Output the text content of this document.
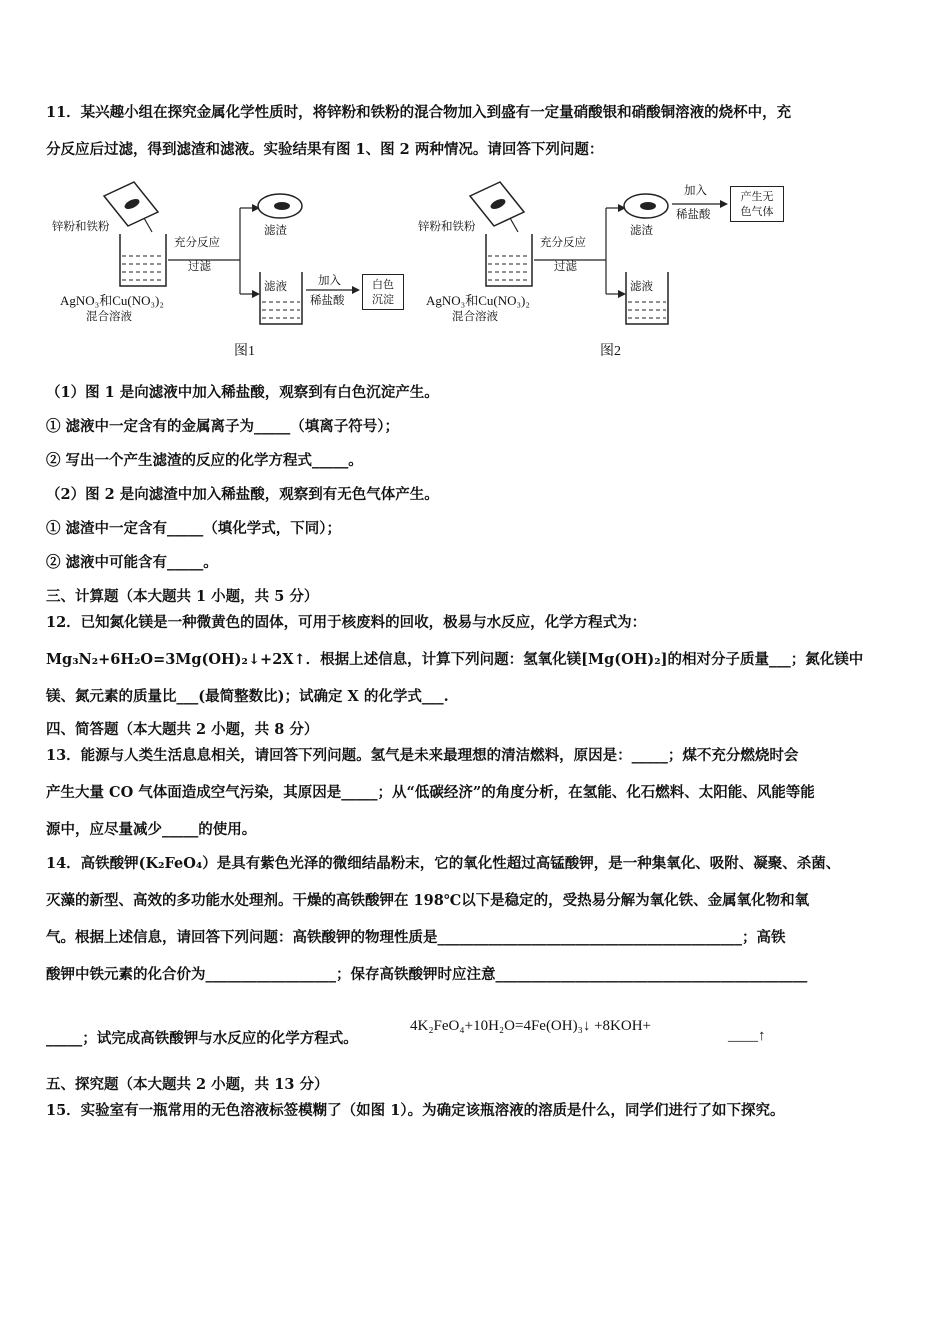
11．某兴趣小组在探究金属化学性质时，将锌粉和铁粉的混合物加入到盛有一定量硝酸银和硝酸铜溶液的烧杯中，充
分反应后过滤，得到滤渣和滤液。实验结果有图 1、图 2 两种情况。请回答下列问题：
锌粉和铁粉
充分反应
过滤
滤渣
滤液	加入
稀盐酸
白色
沉淀
AgNO₃和Cu(NO₃)₂
混合溶液
图1
锌粉和铁粉
充分反应
过滤
滤渣
滤液
加入
稀盐酸
产生无
色气体
AgNO₃和Cu(NO₃)₂
混合溶液
图2
（1）图 1 是向滤液中加入稀盐酸，观察到有白色沉淀产生。
① 滤液中一定含有的金属离子为_____（填离子符号）；
② 写出一个产生滤渣的反应的化学方程式_____。
（2）图 2 是向滤渣中加入稀盐酸，观察到有无色气体产生。
① 滤渣中一定含有_____（填化学式，下同）；
② 滤液中可能含有_____。
三、计算题（本大题共 1 小题，共 5 分）
12．已知氮化镁是一种微黄色的固体，可用于核废料的回收，极易与水反应，化学方程式为：
Mg₃N₂+6H₂O=3Mg(OH)₂↓+2X↑．根据上述信息，计算下列问题：氢氧化镁[Mg(OH)₂]的相对分子质量___；氮化镁中
镁、氮元素的质量比___(最简整数比)；试确定 X 的化学式___.
四、简答题（本大题共 2 小题，共 8 分）
13．能源与人类生活息息相关，请回答下列问题。氢气是未来最理想的清洁燃料，原因是：_____；煤不充分燃烧时会
产生大量 CO 气体面造成空气污染，其原因是_____；从“低碳经济”的角度分析，在氢能、化石燃料、太阳能、风能等能
源中，应尽量减少_____的使用。
14．高铁酸钾(K₂FeO₄）是具有紫色光泽的微细结晶粉末，它的氧化性超过高锰酸钾，是一种集氧化、吸附、凝聚、杀菌、
灭藻的新型、高效的多功能水处理剂。干燥的高铁酸钾在 198℃以下是稳定的，受热易分解为氧化铁、金属氧化物和氧
气。根据上述信息，请回答下列问题：高铁酸钾的物理性质是__________________________________________；高铁
酸钾中铁元素的化合价为__________________；保存高铁酸钾时应注意___________________________________________
_____；试完成高铁酸钾与水反应的化学方程式。
4K₂FeO₄+10H₂O=4Fe(OH)₃↓ +8KOH+
____↑
五、探究题（本大题共 2 小题，共 13 分）
15．实验室有一瓶常用的无色溶液标签模糊了（如图 1）。为确定该瓶溶液的溶质是什么，同学们进行了如下探究。
